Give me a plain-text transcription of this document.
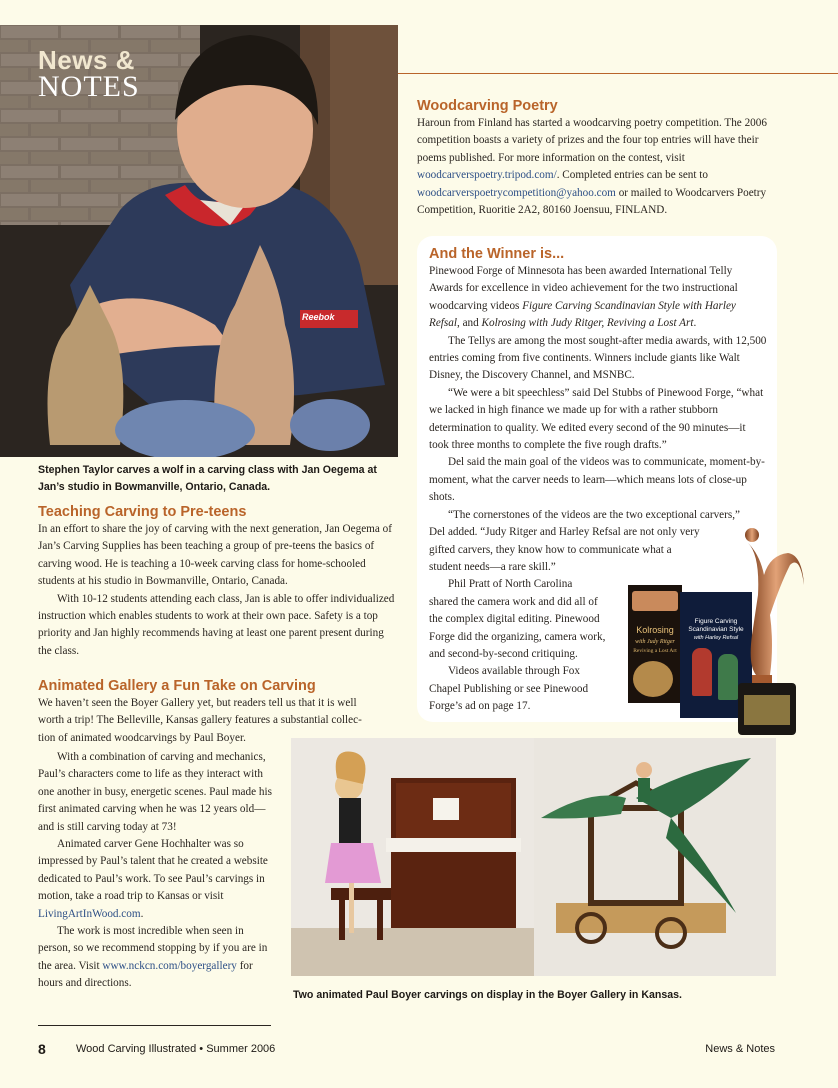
Reebok
News &
NOTES
Woodcarving Poetry
Haroun from Finland has started a woodcarving poetry competition. The 2006 competition boasts a variety of prizes and the four top entries will have their poems published. For more information on the contest, visit woodcarverspoetry.tripod.com/. Completed entries can be sent to woodcarverspoetrycompetition@yahoo.com or mailed to Woodcarvers Poetry Competition, Ruoritie 2A2, 80160 Joensuu, FINLAND.
And the Winner is...

Pinewood Forge of Minnesota has been awarded International Telly Awards for excellence in video achievement for the two instructional woodcarving videos Figure Carving Scandinavian Style with Harley Refsal, and Kolrosing with Judy Ritger, Reviving a Lost Art.

The Tellys are among the most sought-after media awards, with 12,500 entries coming from five continents. Winners include giants like Walt Disney, the Discovery Channel, and MSNBC.

“We were a bit speechless” said Del Stubbs of Pinewood Forge, “what we lacked in high finance we made up for with a rather stubborn determination to quality. We edited every second of the 90 minutes—it took three months to complete the five rough drafts.”

Del said the main goal of the videos was to communicate, moment-by-moment, what the carver needs to learn—which means lots of close-up shots.

“The cornerstones of the videos are the two exceptional carvers,”

Del added. “Judy Ritger and Harley Refsal are not only very

gifted carvers, they know how to communicate what a

student needs—a rare skill.”

Phil Pratt of North Carolina

shared the camera work and did all of

the complex digital editing. Pinewood

Forge did the organizing, camera work,

and second-by-second critiquing.

Videos available through Fox

Chapel Publishing or see Pinewood

Forge’s ad on page 17.

Kolrosing
with Judy Ritger
Reviving a Lost Art
Figure Carving
Scandinavian Style
with Harley Refsal
Stephen Taylor carves a wolf in a carving class with Jan Oegema at Jan’s studio in Bowmanville, Ontario, Canada.
Teaching Carving to Pre-teens

In an effort to share the joy of carving with the next generation, Jan Oegema of Jan’s Carving Supplies has been teaching a group of pre-teens the basics of carving wood. He is teaching a 10-week carving class for home-schooled students at his studio in Bowmanville, Ontario, Canada.

With 10-12 students attending each class, Jan is able to offer individualized instruction which enables students to work at their own pace. Safety is a top priority and Jan highly recommends having at least one parent present during the class.

Animated Gallery a Fun Take on Carving

We haven’t seen the Boyer Gallery yet, but readers tell us that it is well

worth a trip! The Belleville, Kansas gallery features a substantial collec-

tion of animated woodcarvings by Paul Boyer.

With a combination of carving and mechanics, Paul’s characters come to life as they interact with one another in busy, energetic scenes. Paul made his first animated carving when he was 12 years old—and is still carving today at 73!

Animated carver Gene Hochhalter was so impressed by Paul’s talent that he created a website dedicated to Paul’s work. To see Paul’s carvings in motion, take a road trip to Kansas or visit LivingArtInWood.com.

The work is most incredible when seen in person, so we recommend stopping by if you are in the area. Visit www.nckcn.com/boyergallery for hours and directions.

Two animated Paul Boyer carvings on display in the Boyer Gallery in Kansas.
8	Wood Carving Illustrated • Summer 2006	News & Notes
